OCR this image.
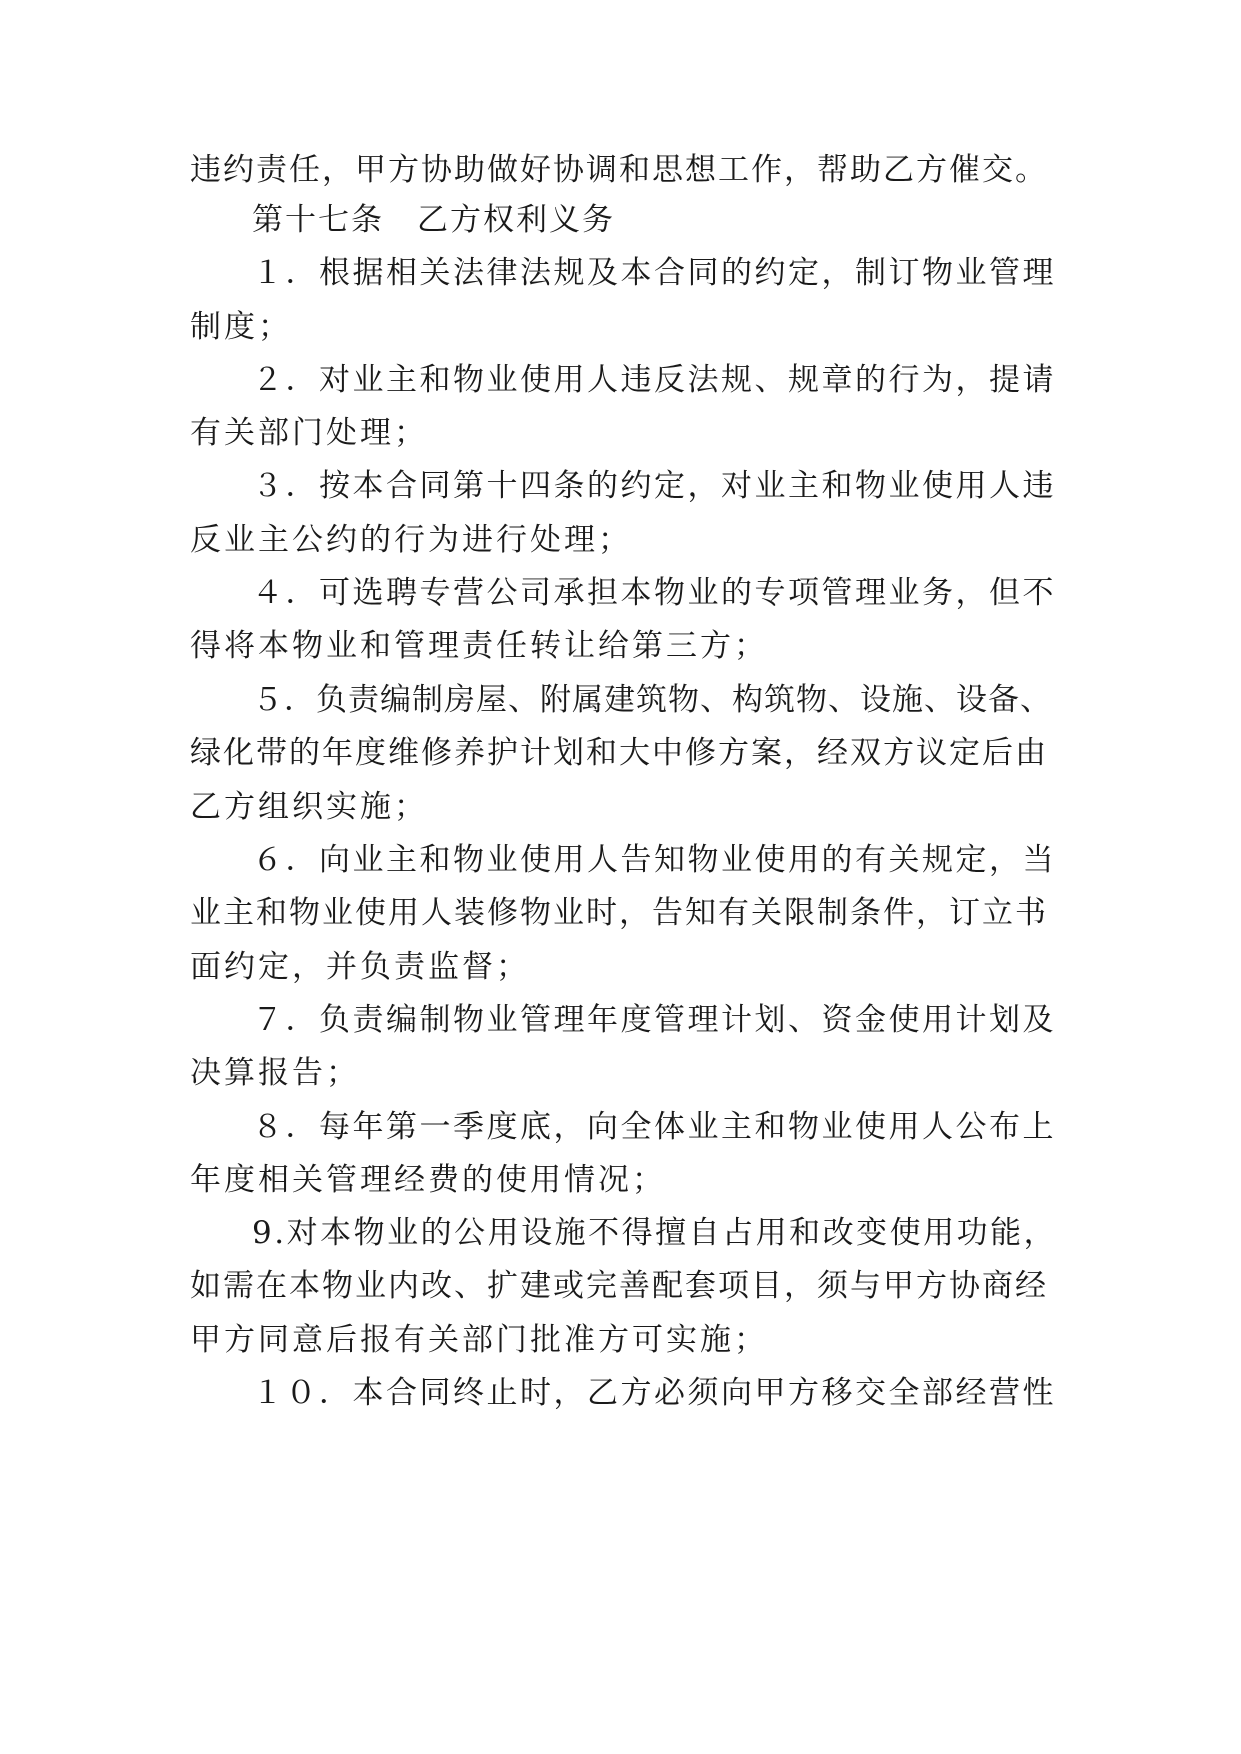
违约责任，甲方协助做好协调和思想工作，帮助乙方催交。
第十七条　乙方权利义务
１．根据相关法律法规及本合同的约定，制订物业管理
制度；
２．对业主和物业使用人违反法规、规章的行为，提请
有关部门处理；
３．按本合同第十四条的约定，对业主和物业使用人违
反业主公约的行为进行处理；
４．可选聘专营公司承担本物业的专项管理业务，但不
得将本物业和管理责任转让给第三方；
５．负责编制房屋、附属建筑物、构筑物、设施、设备、
绿化带的年度维修养护计划和大中修方案，经双方议定后由
乙方组织实施；
６．向业主和物业使用人告知物业使用的有关规定，当
业主和物业使用人装修物业时，告知有关限制条件，订立书
面约定，并负责监督；
７．负责编制物业管理年度管理计划、资金使用计划及
决算报告；
８．每年第一季度底，向全体业主和物业使用人公布上
年度相关管理经费的使用情况；
9.对本物业的公用设施不得擅自占用和改变使用功能，
如需在本物业内改、扩建或完善配套项目，须与甲方协商经
甲方同意后报有关部门批准方可实施；
１０．本合同终止时，乙方必须向甲方移交全部经营性
